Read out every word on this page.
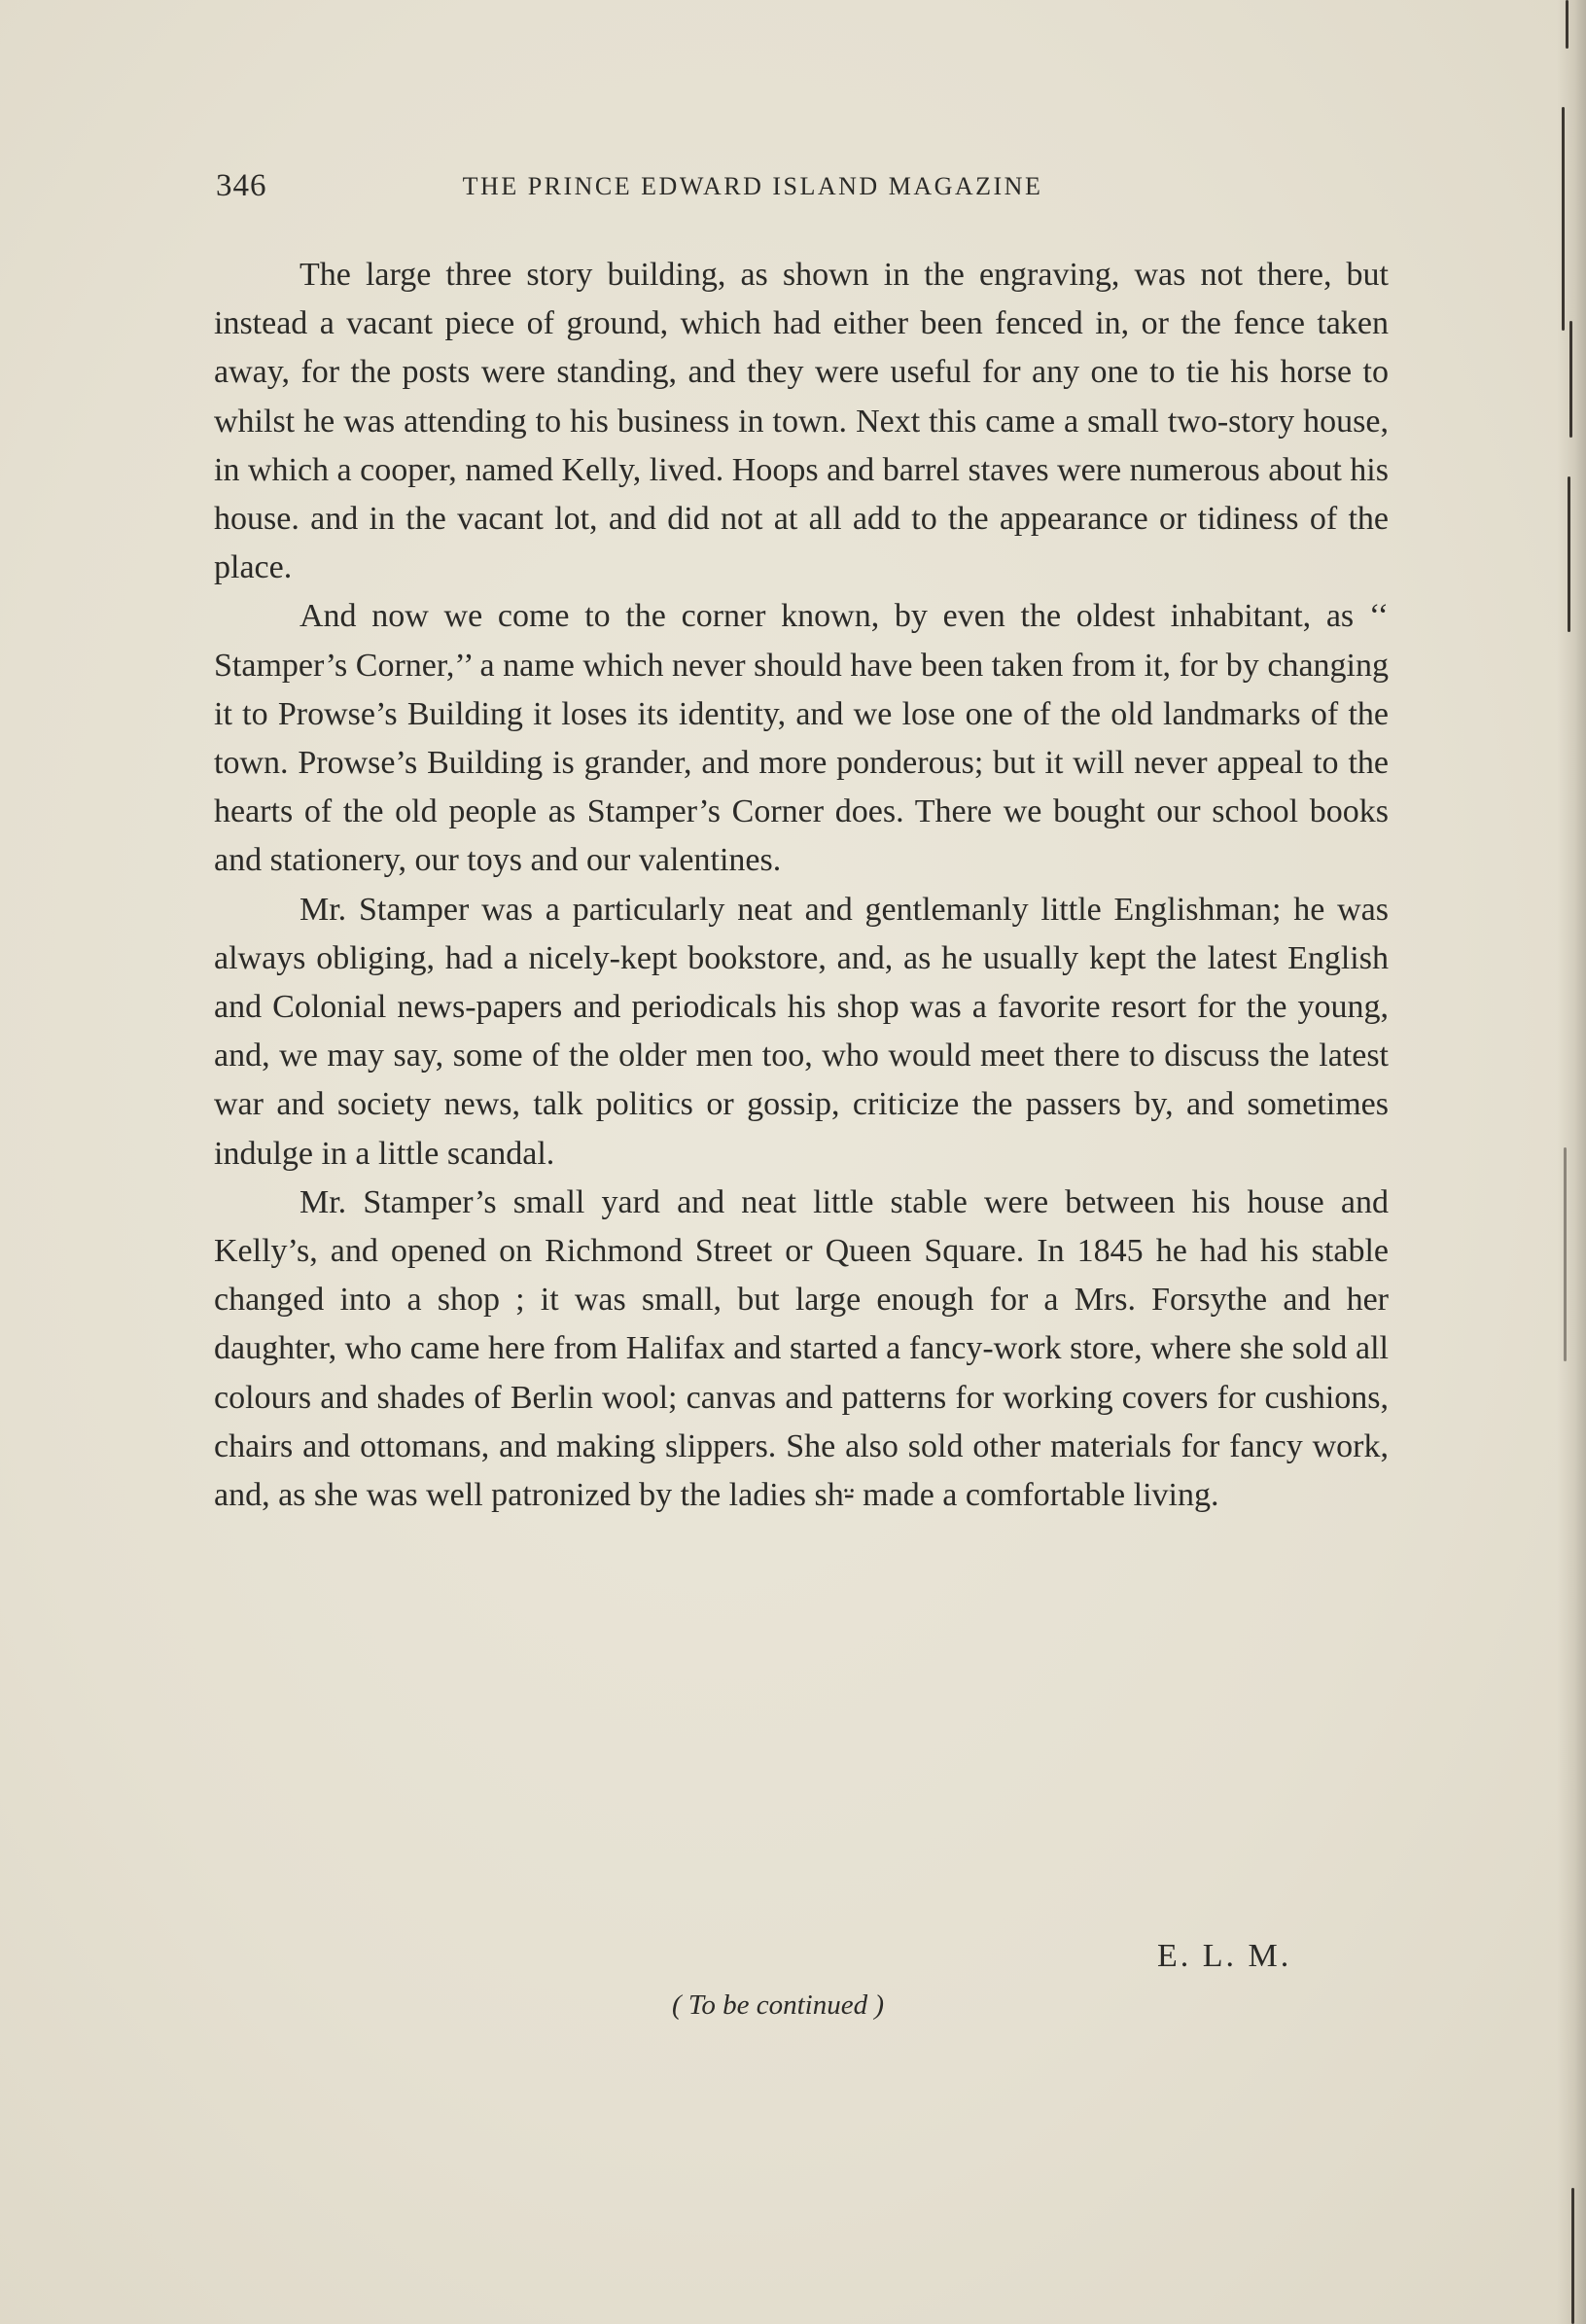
346	THE PRINCE EDWARD ISLAND MAGAZINE

The large three story building, as shown in the engraving, was not there, but instead a vacant piece of ground, which had either been fenced in, or the fence taken away, for the posts were standing, and they were useful for any one to tie his horse to whilst he was attending to his business in town. Next this came a small two-story house, in which a cooper, named Kelly, lived. Hoops and barrel staves were numerous about his house. and in the vacant lot, and did not at all add to the appearance or tidiness of the place.

And now we come to the corner known, by even the oldest inhabitant, as ‘‘ Stamper’s Corner,’’ a name which never should have been taken from it, for by changing it to Prowse’s Building it loses its identity, and we lose one of the old landmarks of the town. Prowse’s Building is grander, and more ponderous; but it will never appeal to the hearts of the old people as Stamper’s Corner does. There we bought our school books and stationery, our toys and our valentines.

Mr. Stamper was a particularly neat and gentlemanly little Englishman; he was always obliging, had a nicely-kept bookstore, and, as he usually kept the latest English and Colonial news-papers and periodicals his shop was a favorite resort for the young, and, we may say, some of the older men too, who would meet there to discuss the latest war and society news, talk politics or gossip, criticize the passers by, and sometimes indulge in a little scandal.

Mr. Stamper’s small yard and neat little stable were between his house and Kelly’s, and opened on Richmond Street or Queen Square. In 1845 he had his stable changed into a shop ; it was small, but large enough for a Mrs. Forsythe and her daughter, who came here from Halifax and started a fancy-work store, where she sold all colours and shades of Berlin wool; canvas and patterns for working covers for cushions, chairs and ottomans, and making slippers. She also sold other materials for fancy work, and, as she was well patronized by the ladies sh⸚ made a comfortable living.

E. L. M.
( To be continued )
